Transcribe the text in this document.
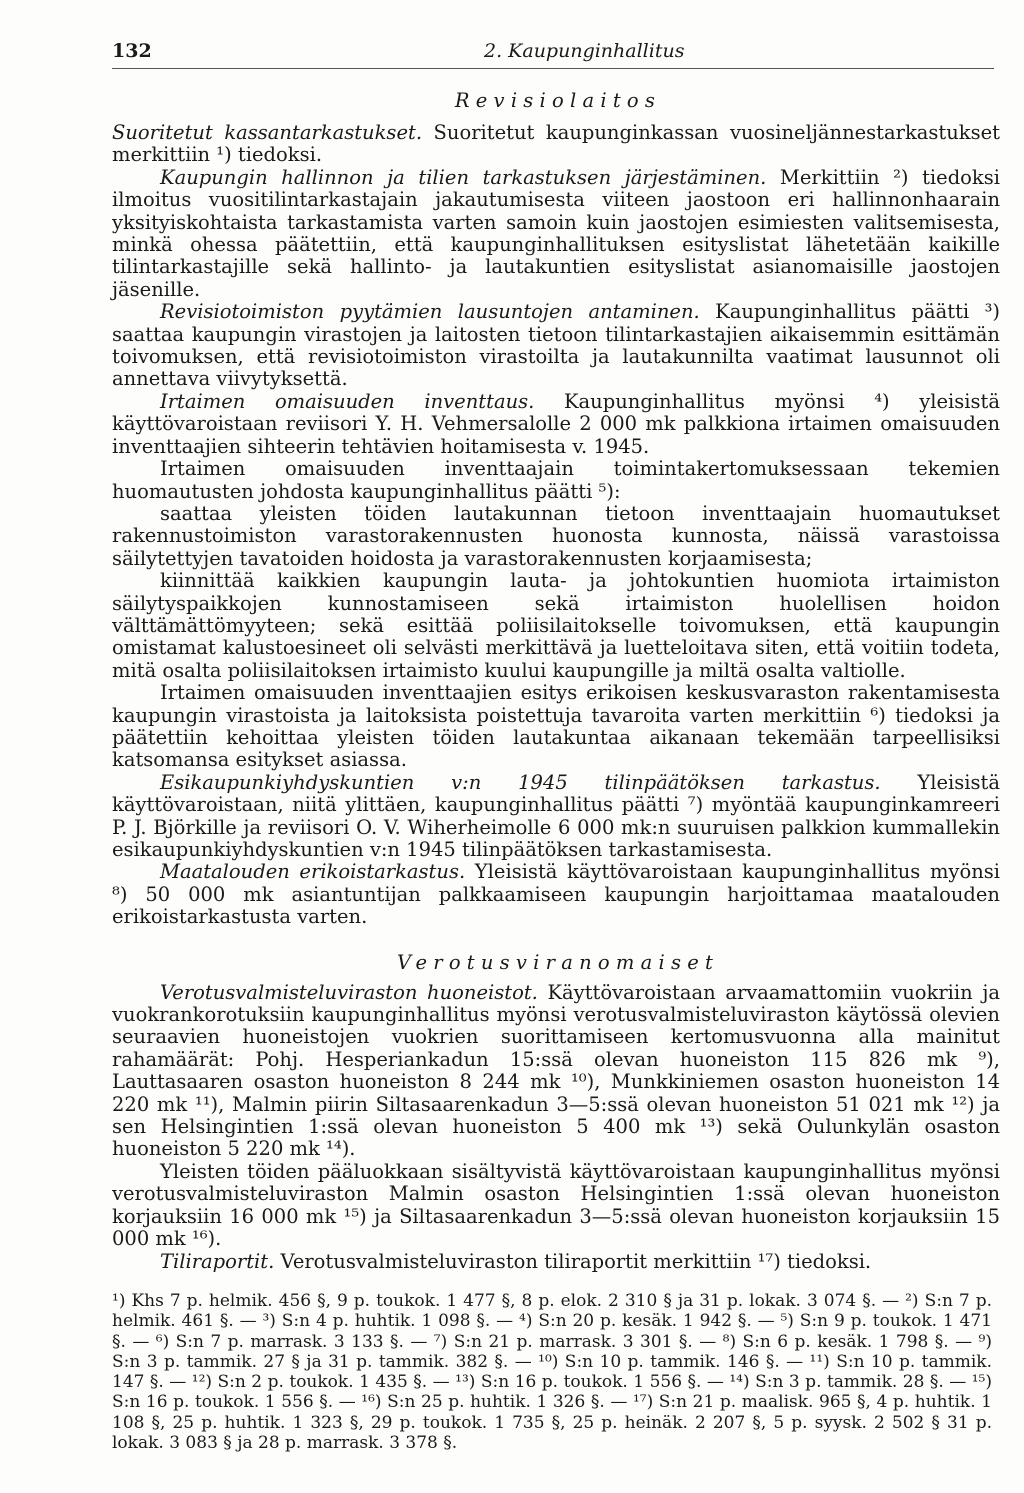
132	2. Kaupunginhallitus
Revisiolaitos

Suoritetut kassantarkastukset. Suoritetut kaupunginkassan vuosineljännestarkastukset merkittiin ¹) tiedoksi.

Kaupungin hallinnon ja tilien tarkastuksen järjestäminen. Merkittiin ²) tiedoksi ilmoitus vuositilintarkastajain jakautumisesta viiteen jaostoon eri hallinnonhaarain yksityiskohtaista tarkastamista varten samoin kuin jaostojen esimiesten valitsemisesta, minkä ohessa päätettiin, että kaupunginhallituksen esityslistat lähetetään kaikille tilintarkastajille sekä hallinto- ja lautakuntien esityslistat asianomaisille jaostojen jäsenille.

Revisiotoimiston pyytämien lausuntojen antaminen. Kaupunginhallitus päätti ³) saattaa kaupungin virastojen ja laitosten tietoon tilintarkastajien aikaisemmin esittämän toivomuksen, että revisiotoimiston virastoilta ja lautakunnilta vaatimat lausunnot oli annettava viivytyksettä.

Irtaimen omaisuuden inventtaus. Kaupunginhallitus myönsi ⁴) yleisistä käyttövaroistaan reviisori Y. H. Vehmersalolle 2 000 mk palkkiona irtaimen omaisuuden inventtaajien sihteerin tehtävien hoitamisesta v. 1945.

Irtaimen omaisuuden inventtaajain toimintakertomuksessaan tekemien huomautusten johdosta kaupunginhallitus päätti ⁵):

saattaa yleisten töiden lautakunnan tietoon inventtaajain huomautukset rakennustoimiston varastorakennusten huonosta kunnosta, näissä varastoissa säilytettyjen tavatoiden hoidosta ja varastorakennusten korjaamisesta;

kiinnittää kaikkien kaupungin lauta- ja johtokuntien huomiota irtaimiston säilytyspaikkojen kunnostamiseen sekä irtaimiston huolellisen hoidon välttämättömyyteen; sekä esittää poliisilaitokselle toivomuksen, että kaupungin omistamat kalustoesineet oli selvästi merkittävä ja luetteloitava siten, että voitiin todeta, mitä osalta poliisilaitoksen irtaimisto kuului kaupungille ja miltä osalta valtiolle.

Irtaimen omaisuuden inventtaajien esitys erikoisen keskusvaraston rakentamisesta kaupungin virastoista ja laitoksista poistettuja tavaroita varten merkittiin ⁶) tiedoksi ja päätettiin kehoittaa yleisten töiden lautakuntaa aikanaan tekemään tarpeellisiksi katsomansa esitykset asiassa.

Esikaupunkiyhdyskuntien v:n 1945 tilinpäätöksen tarkastus. Yleisistä käyttövaroistaan, niitä ylittäen, kaupunginhallitus päätti ⁷) myöntää kaupunginkamreeri P. J. Björkille ja reviisori O. V. Wiherheimolle 6 000 mk:n suuruisen palkkion kummallekin esikaupunkiyhdyskuntien v:n 1945 tilinpäätöksen tarkastamisesta.

Maatalouden erikoistarkastus. Yleisistä käyttövaroistaan kaupunginhallitus myönsi ⁸) 50 000 mk asiantuntijan palkkaamiseen kaupungin harjoittamaa maatalouden erikoistarkastusta varten.

Verotusviranomaiset

Verotusvalmisteluviraston huoneistot. Käyttövaroistaan arvaamattomiin vuokriin ja vuokrankorotuksiin kaupunginhallitus myönsi verotusvalmisteluviraston käytössä olevien seuraavien huoneistojen vuokrien suorittamiseen kertomusvuonna alla mainitut rahamäärät: Pohj. Hesperiankadun 15:ssä olevan huoneiston 115 826 mk ⁹), Lauttasaaren osaston huoneiston 8 244 mk ¹⁰), Munkkiniemen osaston huoneiston 14 220 mk ¹¹), Malmin piirin Siltasaarenkadun 3—5:ssä olevan huoneiston 51 021 mk ¹²) ja sen Helsingintien 1:ssä olevan huoneiston 5 400 mk ¹³) sekä Oulunkylän osaston huoneiston 5 220 mk ¹⁴).

Yleisten töiden pääluokkaan sisältyvistä käyttövaroistaan kaupunginhallitus myönsi verotusvalmisteluviraston Malmin osaston Helsingintien 1:ssä olevan huoneiston korjauksiin 16 000 mk ¹⁵) ja Siltasaarenkadun 3—5:ssä olevan huoneiston korjauksiin 15 000 mk ¹⁶).

Tiliraportit. Verotusvalmisteluviraston tiliraportit merkittiin ¹⁷) tiedoksi.

¹) Khs 7 p. helmik. 456 §, 9 p. toukok. 1 477 §, 8 p. elok. 2 310 § ja 31 p. lokak. 3 074 §. — ²) S:n 7 p. helmik. 461 §. — ³) S:n 4 p. huhtik. 1 098 §. — ⁴) S:n 20 p. kesäk. 1 942 §. — ⁵) S:n 9 p. toukok. 1 471 §. — ⁶) S:n 7 p. marrask. 3 133 §. — ⁷) S:n 21 p. marrask. 3 301 §. — ⁸) S:n 6 p. kesäk. 1 798 §. — ⁹) S:n 3 p. tammik. 27 § ja 31 p. tammik. 382 §. — ¹⁰) S:n 10 p. tammik. 146 §. — ¹¹) S:n 10 p. tammik. 147 §. — ¹²) S:n 2 p. toukok. 1 435 §. — ¹³) S:n 16 p. toukok. 1 556 §. — ¹⁴) S:n 3 p. tammik. 28 §. — ¹⁵) S:n 16 p. toukok. 1 556 §. — ¹⁶) S:n 25 p. huhtik. 1 326 §. — ¹⁷) S:n 21 p. maalisk. 965 §, 4 p. huhtik. 1 108 §, 25 p. huhtik. 1 323 §, 29 p. toukok. 1 735 §, 25 p. heinäk. 2 207 §, 5 p. syysk. 2 502 § 31 p. lokak. 3 083 § ja 28 p. marrask. 3 378 §.
